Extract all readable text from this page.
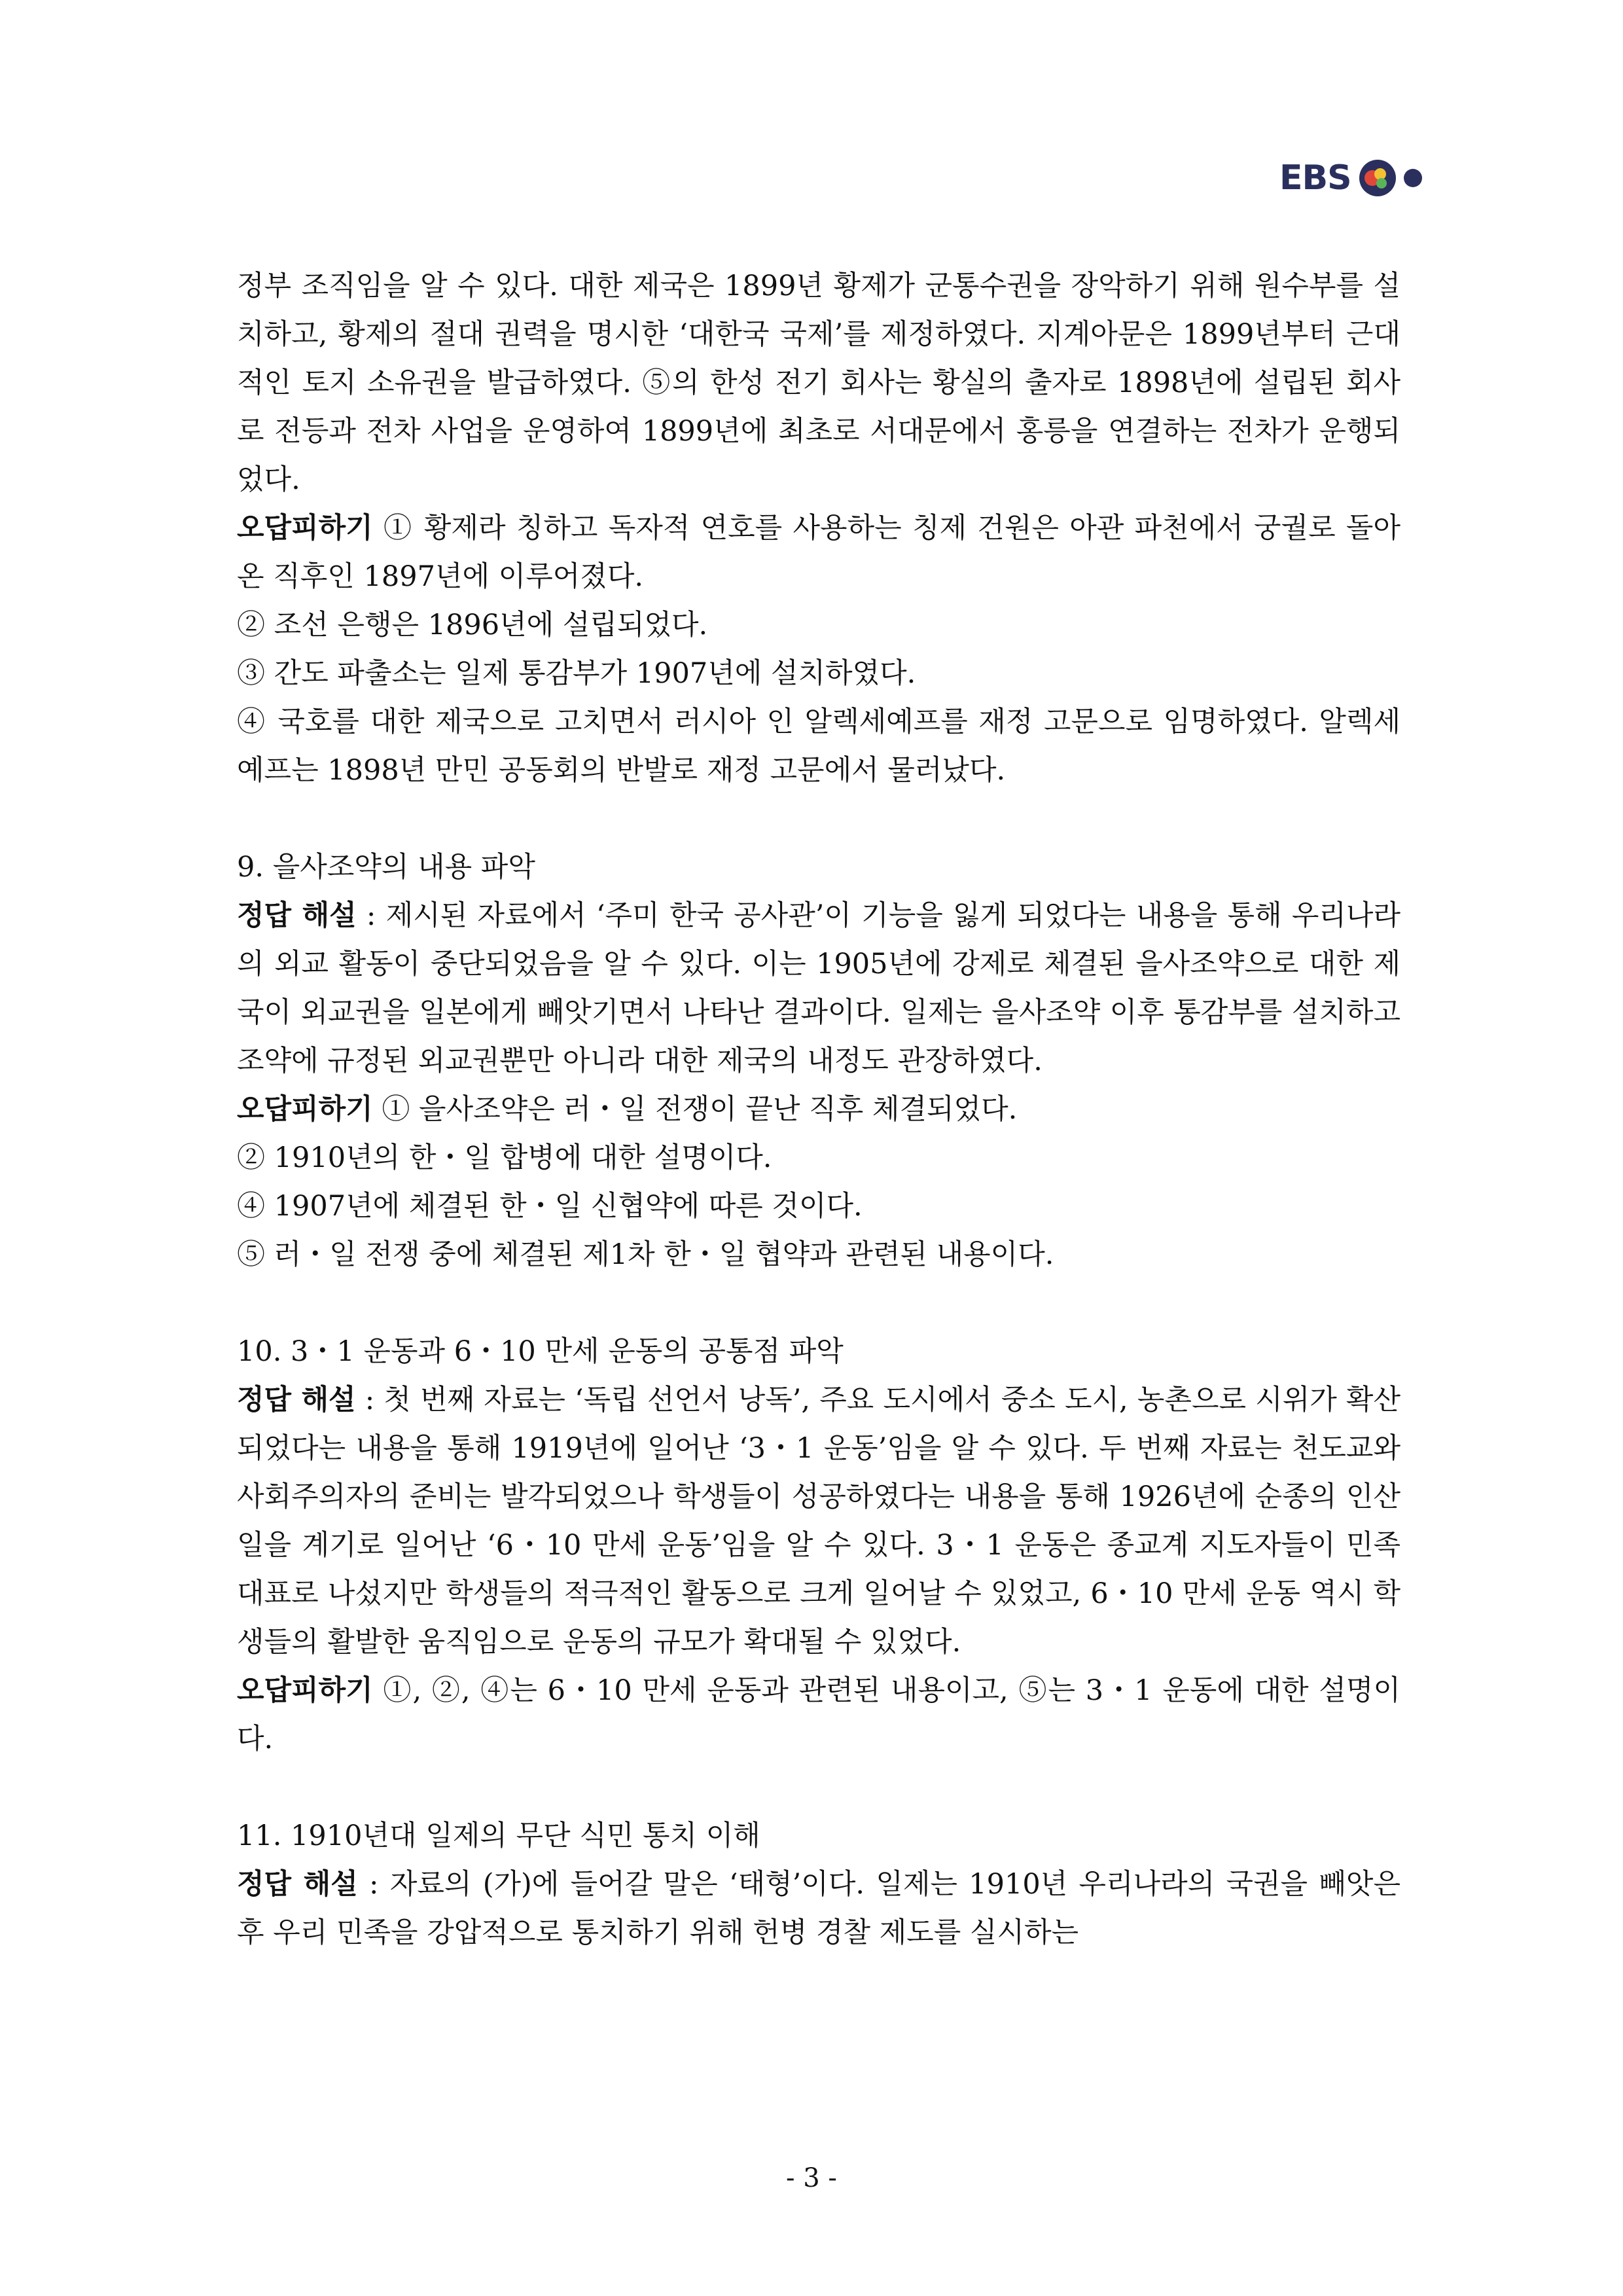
EBS

정부 조직임을 알 수 있다. 대한 제국은 1899년 황제가 군통수권을 장악하기 위해 원수부를 설치하고, 황제의 절대 권력을 명시한 ‘대한국 국제’를 제정하였다. 지계아문은 1899년부터 근대적인 토지 소유권을 발급하였다. ⑤의 한성 전기 회사는 황실의 출자로 1898년에 설립된 회사로 전등과 전차 사업을 운영하여 1899년에 최초로 서대문에서 홍릉을 연결하는 전차가 운행되었다.

오답피하기 ① 황제라 칭하고 독자적 연호를 사용하는 칭제 건원은 아관 파천에서 궁궐로 돌아온 직후인 1897년에 이루어졌다.

② 조선 은행은 1896년에 설립되었다.

③ 간도 파출소는 일제 통감부가 1907년에 설치하였다.

④ 국호를 대한 제국으로 고치면서 러시아 인 알렉세예프를 재정 고문으로 임명하였다. 알렉세예프는 1898년 만민 공동회의 반발로 재정 고문에서 물러났다.

9. 을사조약의 내용 파악

정답 해설 : 제시된 자료에서 ‘주미 한국 공사관’이 기능을 잃게 되었다는 내용을 통해 우리나라의 외교 활동이 중단되었음을 알 수 있다. 이는 1905년에 강제로 체결된 을사조약으로 대한 제국이 외교권을 일본에게 빼앗기면서 나타난 결과이다. 일제는 을사조약 이후 통감부를 설치하고 조약에 규정된 외교권뿐만 아니라 대한 제국의 내정도 관장하였다.

오답피하기 ① 을사조약은 러・일 전쟁이 끝난 직후 체결되었다.

② 1910년의 한・일 합병에 대한 설명이다.

④ 1907년에 체결된 한・일 신협약에 따른 것이다.

⑤ 러・일 전쟁 중에 체결된 제1차 한・일 협약과 관련된 내용이다.

10. 3・1 운동과 6・10 만세 운동의 공통점 파악

정답 해설 : 첫 번째 자료는 ‘독립 선언서 낭독’, 주요 도시에서 중소 도시, 농촌으로 시위가 확산되었다는 내용을 통해 1919년에 일어난 ‘3・1 운동’임을 알 수 있다. 두 번째 자료는 천도교와 사회주의자의 준비는 발각되었으나 학생들이 성공하였다는 내용을 통해 1926년에 순종의 인산일을 계기로 일어난 ‘6・10 만세 운동’임을 알 수 있다. 3・1 운동은 종교계 지도자들이 민족 대표로 나섰지만 학생들의 적극적인 활동으로 크게 일어날 수 있었고, 6・10 만세 운동 역시 학생들의 활발한 움직임으로 운동의 규모가 확대될 수 있었다.

오답피하기 ①, ②, ④는 6・10 만세 운동과 관련된 내용이고, ⑤는 3・1 운동에 대한 설명이다.

11. 1910년대 일제의 무단 식민 통치 이해

정답 해설 : 자료의 (가)에 들어갈 말은 ‘태형’이다. 일제는 1910년 우리나라의 국권을 빼앗은 후 우리 민족을 강압적으로 통치하기 위해 헌병 경찰 제도를 실시하는

- 3 -
